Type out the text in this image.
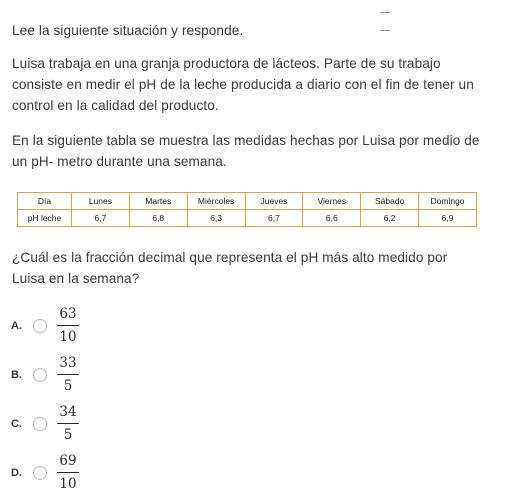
Lee la siguiente situación y responde.

Luisa trabaja en una granja productora de lácteos. Parte de su trabajo consiste en medir el pH de la leche producida a diario con el fin de tener un control en la calidad del producto.

En la siguiente tabla se muestra las medidas hechas por Luisa por medio de un pH- metro durante una semana.

Día	Lunes	Martes	Miércoles	Jueves	Viernes	Sábado	Domingo
pH leche	6,7	6,8	6,3	6,7	6,6	6,2	6,9

¿Cuál es la fracción decimal que representa el pH más alto medido por Luisa en la semana?

A.
63
10
B.
33
5
C.
34
5
D.
69
10
